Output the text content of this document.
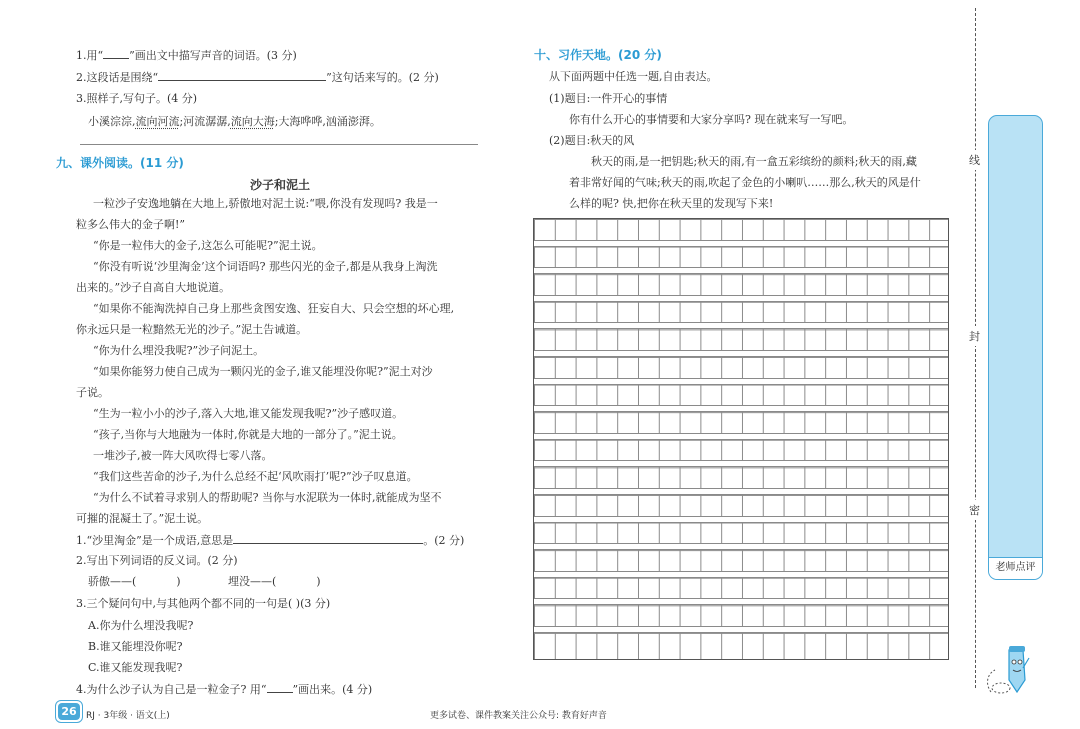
1.用“ ”画出文中描写声音的词语。(3 分)
2.这段话是围绕“	”这句话来写的。(2 分)
3.照样子,写句子。(4 分)
小溪淙淙,流向河流;河流潺潺,流向大海;大海哗哗,汹涌澎湃。
九、课外阅读。(11 分)
沙子和泥土
一粒沙子安逸地躺在大地上,骄傲地对泥土说:“喂,你没有发现吗? 我是一
粒多么伟大的金子啊!”
“你是一粒伟大的金子,这怎么可能呢?”泥土说。
“你没有听说‘沙里淘金’这个词语吗? 那些闪光的金子,都是从我身上淘洗
出来的。”沙子自高自大地说道。
“如果你不能淘洗掉自己身上那些贪图安逸、狂妄自大、只会空想的坏心理,
你永远只是一粒黯然无光的沙子。”泥土告诫道。
“你为什么埋没我呢?”沙子问泥土。
“如果你能努力使自己成为一颗闪光的金子,谁又能埋没你呢?”泥土对沙
子说。
“生为一粒小小的沙子,落入大地,谁又能发现我呢?”沙子感叹道。
“孩子,当你与大地融为一体时,你就是大地的一部分了。”泥土说。
一堆沙子,被一阵大风吹得七零八落。
“我们这些苦命的沙子,为什么总经不起‘风吹雨打’呢?”沙子叹息道。
“为什么不试着寻求别人的帮助呢? 当你与水泥联为一体时,就能成为坚不
可摧的混凝土了。”泥土说。
1.“沙里淘金”是一个成语,意思是	。(2 分)
2.写出下列词语的反义词。(2 分)
骄傲——(	)	埋没——(	)
3.三个疑问句中,与其他两个都不同的一句是( )(3 分)
A.你为什么埋没我呢?
B.谁又能埋没你呢?
C.谁又能发现我呢?
4.为什么沙子认为自己是一粒金子? 用“ ”画出来。(4 分)
十、习作天地。(20 分)
从下面两题中任选一题,自由表达。
(1)题目:一件开心的事情
你有什么开心的事情要和大家分享吗? 现在就来写一写吧。
(2)题目:秋天的风
秋天的雨,是一把钥匙;秋天的雨,有一盒五彩缤纷的颜料;秋天的雨,藏
着非常好闻的气味;秋天的雨,吹起了金色的小喇叭……那么,秋天的风是什
么样的呢? 快,把你在秋天里的发现写下来!
线
封
密
老师点评
26	RJ · 3年级 · 语文(上)	更多试卷、课件教案关注公众号: 教育好声音
